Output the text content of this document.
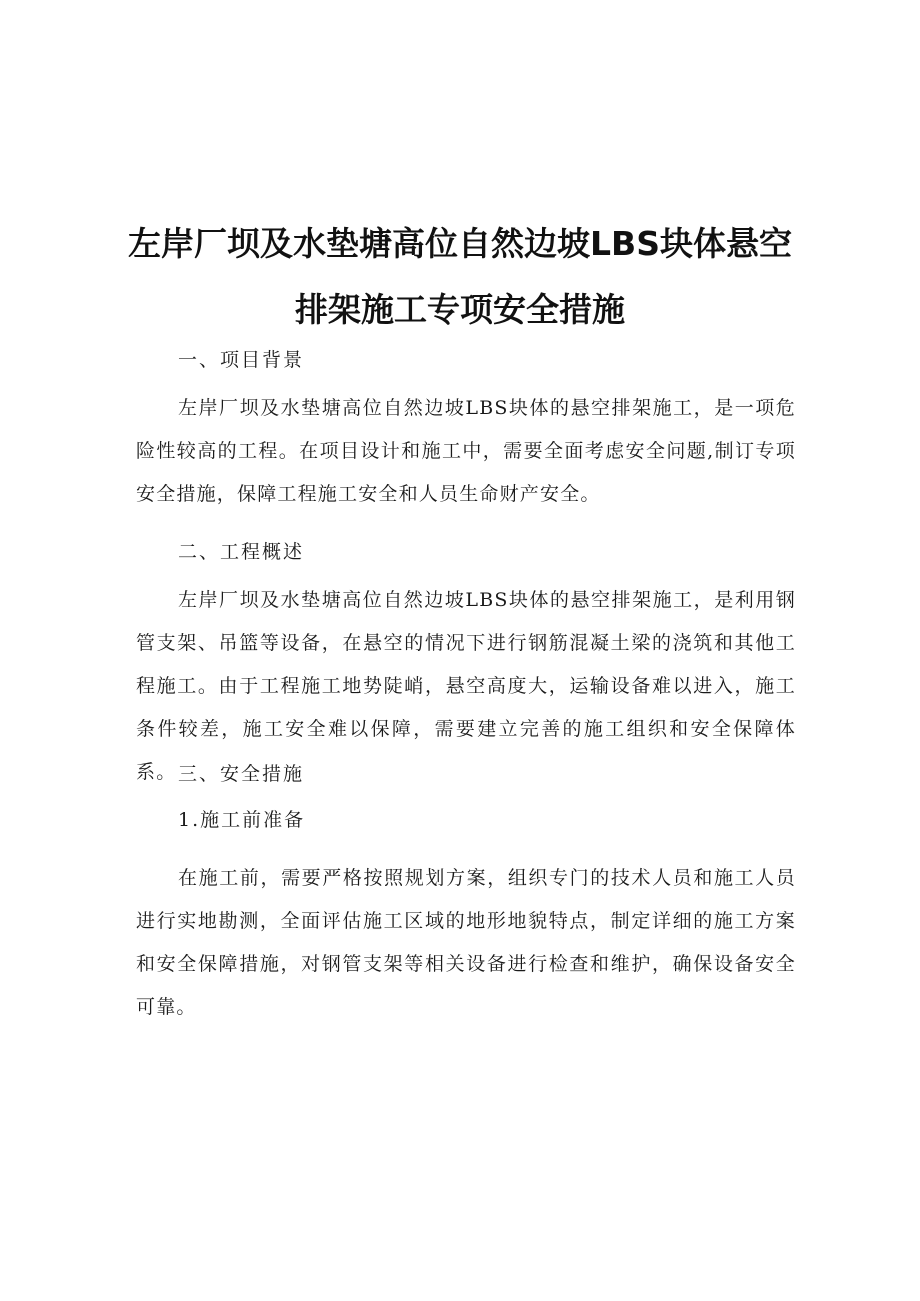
左岸厂坝及水垫塘高位自然边坡LBS块体悬空
排架施工专项安全措施
一、项目背景

左岸厂坝及水垫塘高位自然边坡LBS块体的悬空排架施工，是一项危险性较高的工程。在项目设计和施工中，需要全面考虑安全问题,制订专项安全措施，保障工程施工安全和人员生命财产安全。

二、工程概述

左岸厂坝及水垫塘高位自然边坡LBS块体的悬空排架施工，是利用钢管支架、吊篮等设备，在悬空的情况下进行钢筋混凝土梁的浇筑和其他工程施工。由于工程施工地势陡峭，悬空高度大，运输设备难以进入，施工条件较差，施工安全难以保障，需要建立完善的施工组织和安全保障体系。 三、安全措施
1.施工前准备

在施工前，需要严格按照规划方案，组织专门的技术人员和施工人员进行实地勘测，全面评估施工区域的地形地貌特点，制定详细的施工方案和安全保障措施，对钢管支架等相关设备进行检查和维护，确保设备安全可靠。
